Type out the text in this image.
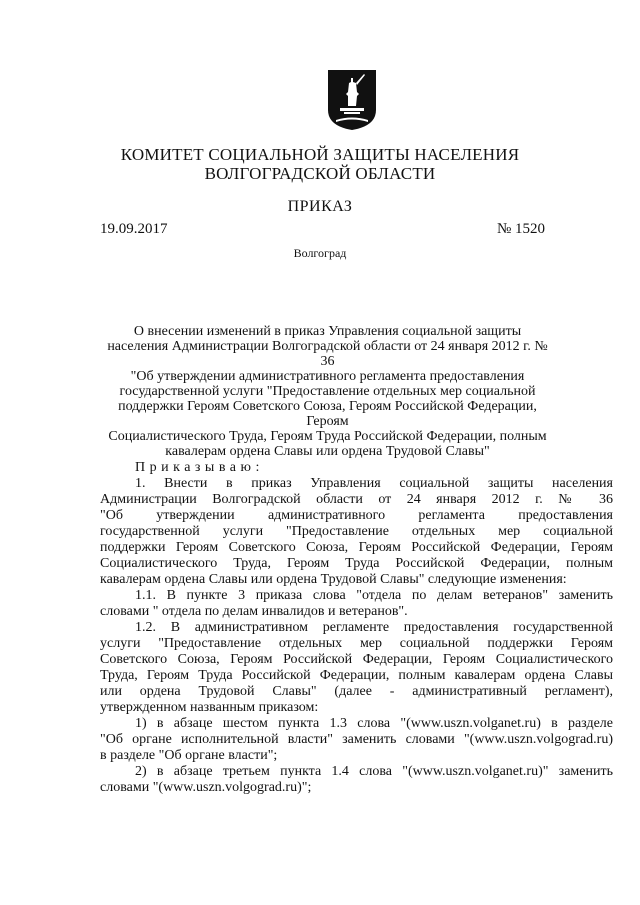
КОМИТЕТ СОЦИАЛЬНОЙ ЗАЩИТЫ НАСЕЛЕНИЯ
ВОЛГОГРАДСКОЙ ОБЛАСТИ
ПРИКАЗ
19.09.2017	№ 1520
Волгоград
О внесении изменений в приказ Управления социальной защиты
населения Администрации Волгоградской области от 24 января 2012 г. № 36
"Об утверждении административного регламента предоставления
государственной услуги "Предоставление отдельных мер социальной
поддержки Героям Советского Союза, Героям Российской Федерации, Героям
Социалистического Труда, Героям Труда Российской Федерации, полным
кавалерам ордена Славы или ордена Трудовой Славы"

Приказываю:

1. Внести в приказ Управления социальной защиты населения
Администрации Волгоградской области от 24 января 2012 г. № 36
"Об утверждении административного регламента предоставления
государственной услуги "Предоставление отдельных мер социальной
поддержки Героям Советского Союза, Героям Российской Федерации, Героям
Социалистического Труда, Героям Труда Российской Федерации, полным
кавалерам ордена Славы или ордена Трудовой Славы" следующие изменения:

1.1. В пункте 3 приказа слова "отдела по делам ветеранов" заменить
словами " отдела по делам инвалидов и ветеранов".

1.2. В административном регламенте предоставления государственной
услуги "Предоставление отдельных мер социальной поддержки Героям
Советского Союза, Героям Российской Федерации, Героям Социалистического
Труда, Героям Труда Российской Федерации, полным кавалерам ордена Славы
или ордена Трудовой Славы" (далее - административный регламент),
утвержденном названным приказом:

1) в абзаце шестом пункта 1.3 слова "(www.uszn.volganet.ru) в разделе
"Об органе исполнительной власти" заменить словами "(www.uszn.volgograd.ru)
в разделе "Об органе власти";

2) в абзаце третьем пункта 1.4 слова "(www.uszn.volganet.ru)" заменить
словами "(www.uszn.volgograd.ru)";
